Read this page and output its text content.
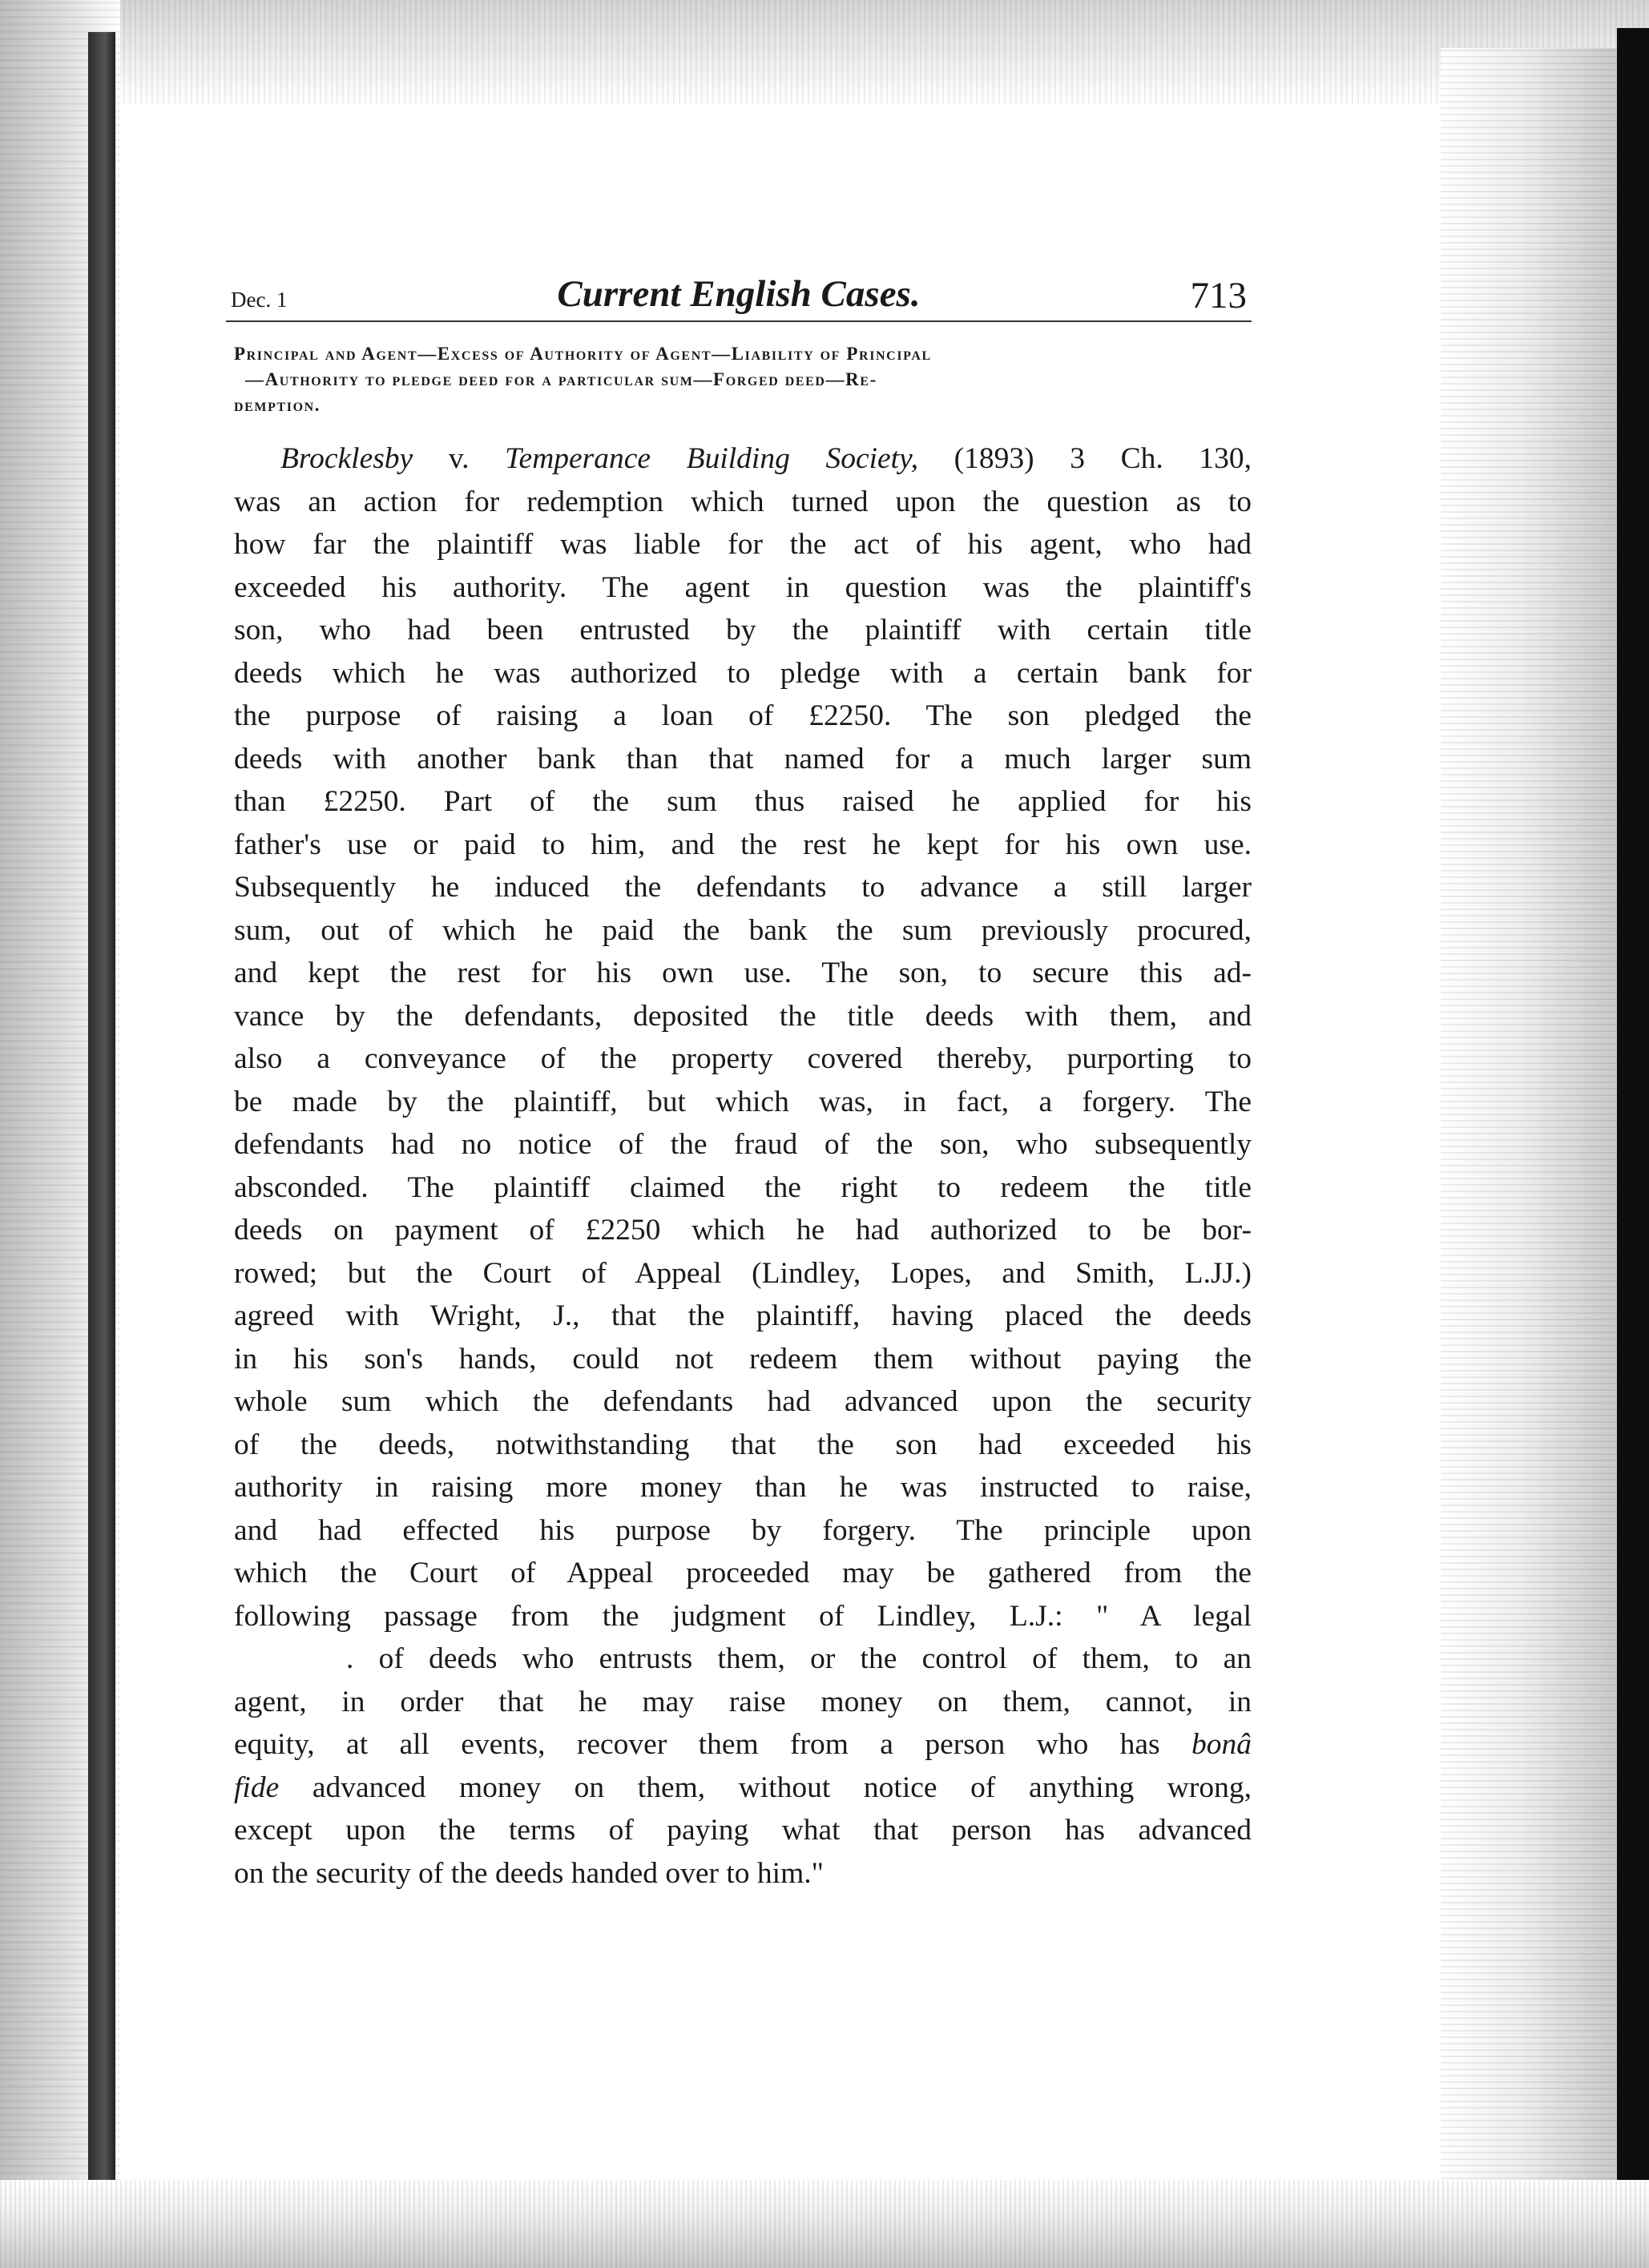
Dec. 1	Current English Cases.	713
Principal and Agent—Excess of Authority of Agent—Liability of Principal
—Authority to pledge deed for a particular sum—Forged deed—Re-
demption.
Brocklesby v. Temperance Building Society, (1893) 3 Ch. 130,
was an action for redemption which turned upon the question as to
how far the plaintiff was liable for the act of his agent, who had
exceeded his authority. The agent in question was the plaintiff's
son, who had been entrusted by the plaintiff with certain title
deeds which he was authorized to pledge with a certain bank for
the purpose of raising a loan of £2250. The son pledged the
deeds with another bank than that named for a much larger sum
than £2250. Part of the sum thus raised he applied for his
father's use or paid to him, and the rest he kept for his own use.
Subsequently he induced the defendants to advance a still larger
sum, out of which he paid the bank the sum previously procured,
and kept the rest for his own use. The son, to secure this ad-
vance by the defendants, deposited the title deeds with them, and
also a conveyance of the property covered thereby, purporting to
be made by the plaintiff, but which was, in fact, a forgery. The
defendants had no notice of the fraud of the son, who subsequently
absconded. The plaintiff claimed the right to redeem the title
deeds on payment of £2250 which he had authorized to be bor-
rowed; but the Court of Appeal (Lindley, Lopes, and Smith, L.JJ.)
agreed with Wright, J., that the plaintiff, having placed the deeds
in his son's hands, could not redeem them without paying the
whole sum which the defendants had advanced upon the security
of the deeds, notwithstanding that the son had exceeded his
authority in raising more money than he was instructed to raise,
and had effected his purpose by forgery. The principle upon
which the Court of Appeal proceeded may be gathered from the
following passage from the judgment of Lindley, L.J.: " A legal
. of deeds who entrusts them, or the control of them, to an
agent, in order that he may raise money on them, cannot, in
equity, at all events, recover them from a person who has bonâ
fide advanced money on them, without notice of anything wrong,
except upon the terms of paying what that person has advanced
on the security of the deeds handed over to him."
